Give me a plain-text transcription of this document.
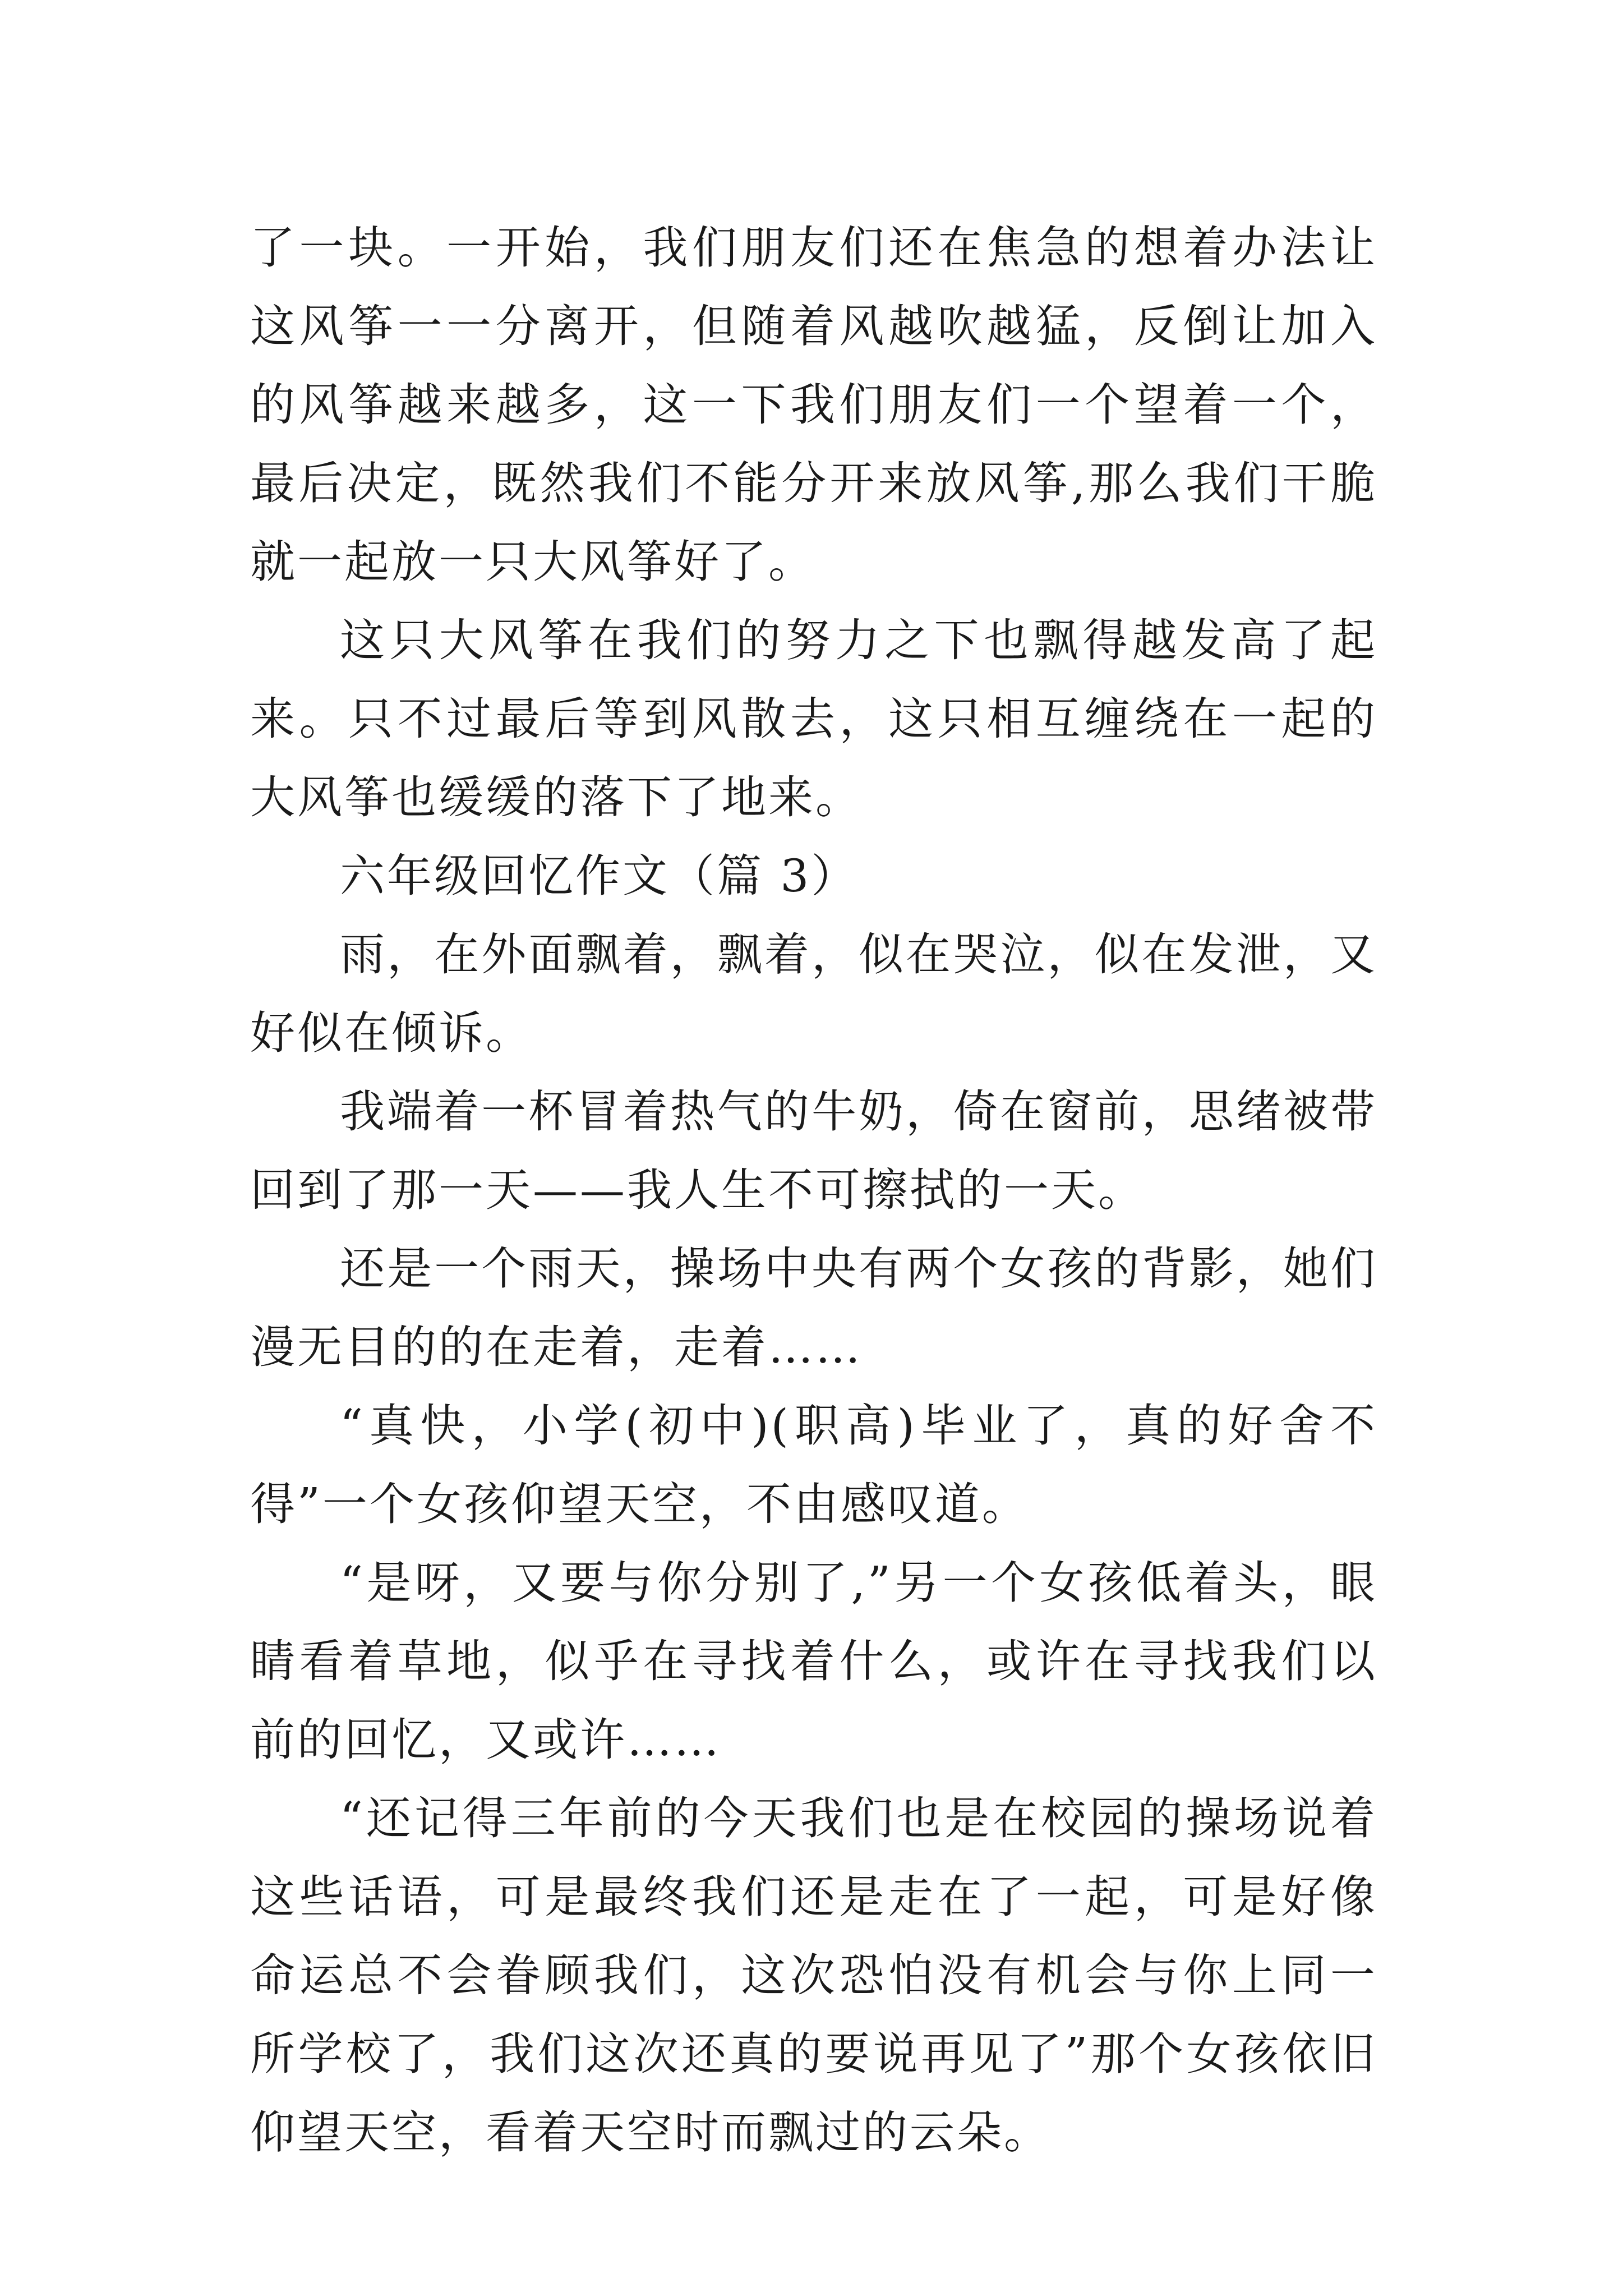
了一块。一开始，我们朋友们还在焦急的想着办法让这风筝一一分离开，但随着风越吹越猛，反倒让加入的风筝越来越多，这一下我们朋友们一个望着一个，最后决定，既然我们不能分开来放风筝,那么我们干脆就一起放一只大风筝好了。

这只大风筝在我们的努力之下也飘得越发高了起来。只不过最后等到风散去，这只相互缠绕在一起的大风筝也缓缓的落下了地来。

六年级回忆作文（篇 3）

雨，在外面飘着，飘着，似在哭泣，似在发泄，又好似在倾诉。

我端着一杯冒着热气的牛奶，倚在窗前，思绪被带回到了那一天——我人生不可擦拭的一天。

还是一个雨天，操场中央有两个女孩的背影，她们漫无目的的在走着，走着……

“真快，小学(初中)(职高)毕业了，真的好舍不得”一个女孩仰望天空，不由感叹道。

“是呀，又要与你分别了,”另一个女孩低着头，眼睛看着草地，似乎在寻找着什么，或许在寻找我们以前的回忆，又或许……

“还记得三年前的今天我们也是在校园的操场说着这些话语，可是最终我们还是走在了一起，可是好像命运总不会眷顾我们，这次恐怕没有机会与你上同一所学校了，我们这次还真的要说再见了”那个女孩依旧仰望天空，看着天空时而飘过的云朵。
